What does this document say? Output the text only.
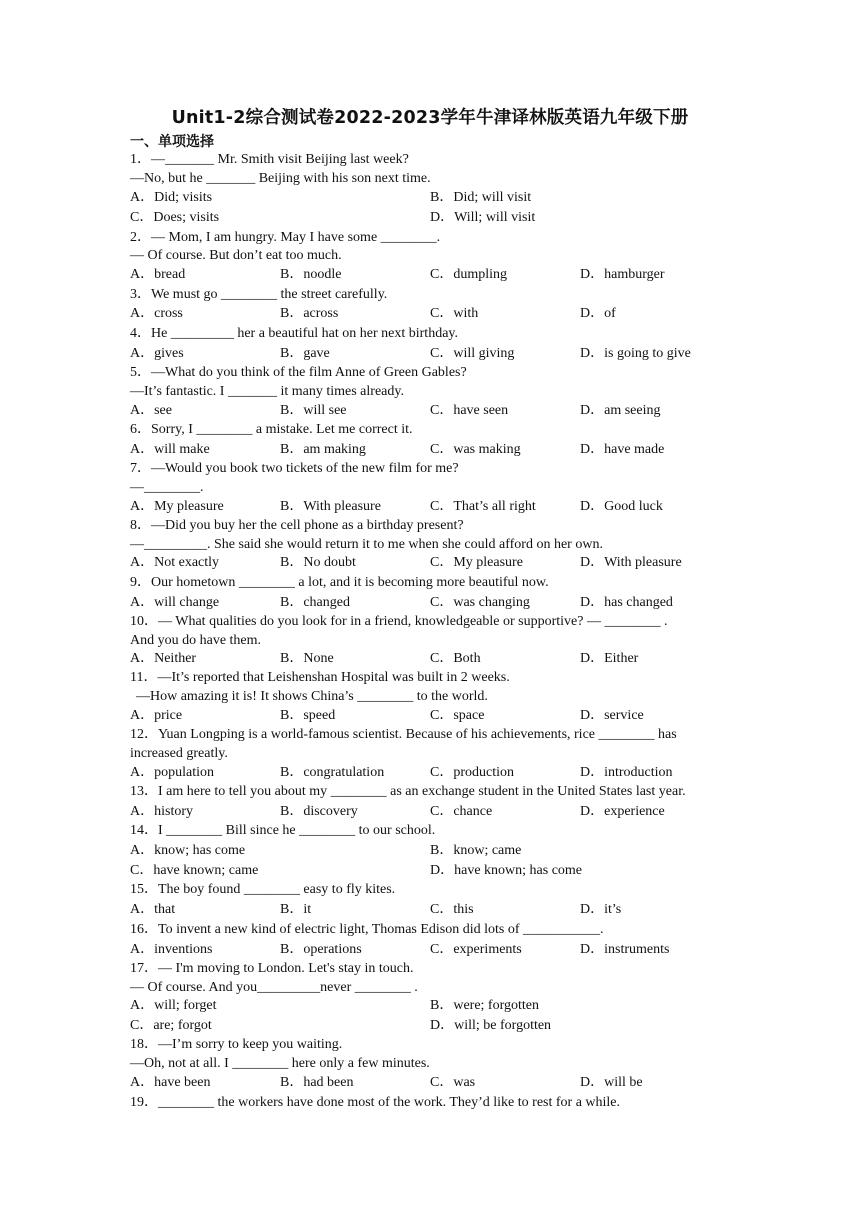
Unit1-2综合测试卷2022-2023学年牛津译林版英语九年级下册
一、单项选择
1．—_______ Mr. Smith visit Beijing last week?
—No, but he _______ Beijing with his son next time.
A．Did; visits	B．Did; will visit
C．Does; visits	D．Will; will visit
2．— Mom, I am hungry. May I have some ________.
— Of course. But don’t eat too much.
A．bread	B．noodle	C．dumpling	D．hamburger
3．We must go ________ the street carefully.
A．cross	B．across	C．with	D．of
4．He _________ her a beautiful hat on her next birthday.
A．gives	B．gave	C．will giving	D．is going to give
5．—What do you think of the film Anne of Green Gables?
—It’s fantastic. I _______ it many times already.
A．see	B．will see	C．have seen	D．am seeing
6．Sorry, I ________ a mistake. Let me correct it.
A．will make	B．am making	C．was making	D．have made
7．—Would you book two tickets of the new film for me?
—________.
A．My pleasure	B．With pleasure	C．That’s all right	D．Good luck
8．—Did you buy her the cell phone as a birthday present?
—_________. She said she would return it to me when she could afford on her own.
A．Not exactly	B．No doubt	C．My pleasure	D．With pleasure
9．Our hometown ________ a lot, and it is becoming more beautiful now.
A．will change	B．changed	C．was changing	D．has changed
10．— What qualities do you look for in a friend, knowledgeable or supportive? — ________ .
And you do have them.
A．Neither	B．None	C．Both	D．Either
11．—It’s reported that Leishenshan Hospital was built in 2 weeks.
—How amazing it is! It shows China’s ________ to the world.
A．price	B．speed	C．space	D．service
12．Yuan Longping is a world-famous scientist. Because of his achievements, rice ________ has
increased greatly.
A．population	B．congratulation	C．production	D．introduction
13．I am here to tell you about my ________ as an exchange student in the United States last year.
A．history	B．discovery	C．chance	D．experience
14．I ________ Bill since he ________ to our school.
A．know; has come	B．know; came
C．have known; came	D．have known; has come
15．The boy found ________ easy to fly kites.
A．that	B．it	C．this	D．it’s
16．To invent a new kind of electric light, Thomas Edison did lots of ___________.
A．inventions	B．operations	C．experiments	D．instruments
17．— I'm moving to London. Let's stay in touch.
— Of course. And you_________never ________ .
A．will; forget	B．were; forgotten
C．are; forgot	D．will; be forgotten
18．—I’m sorry to keep you waiting.
—Oh, not at all. I ________ here only a few minutes.
A．have been	B．had been	C．was	D．will be
19．________ the workers have done most of the work. They’d like to rest for a while.
